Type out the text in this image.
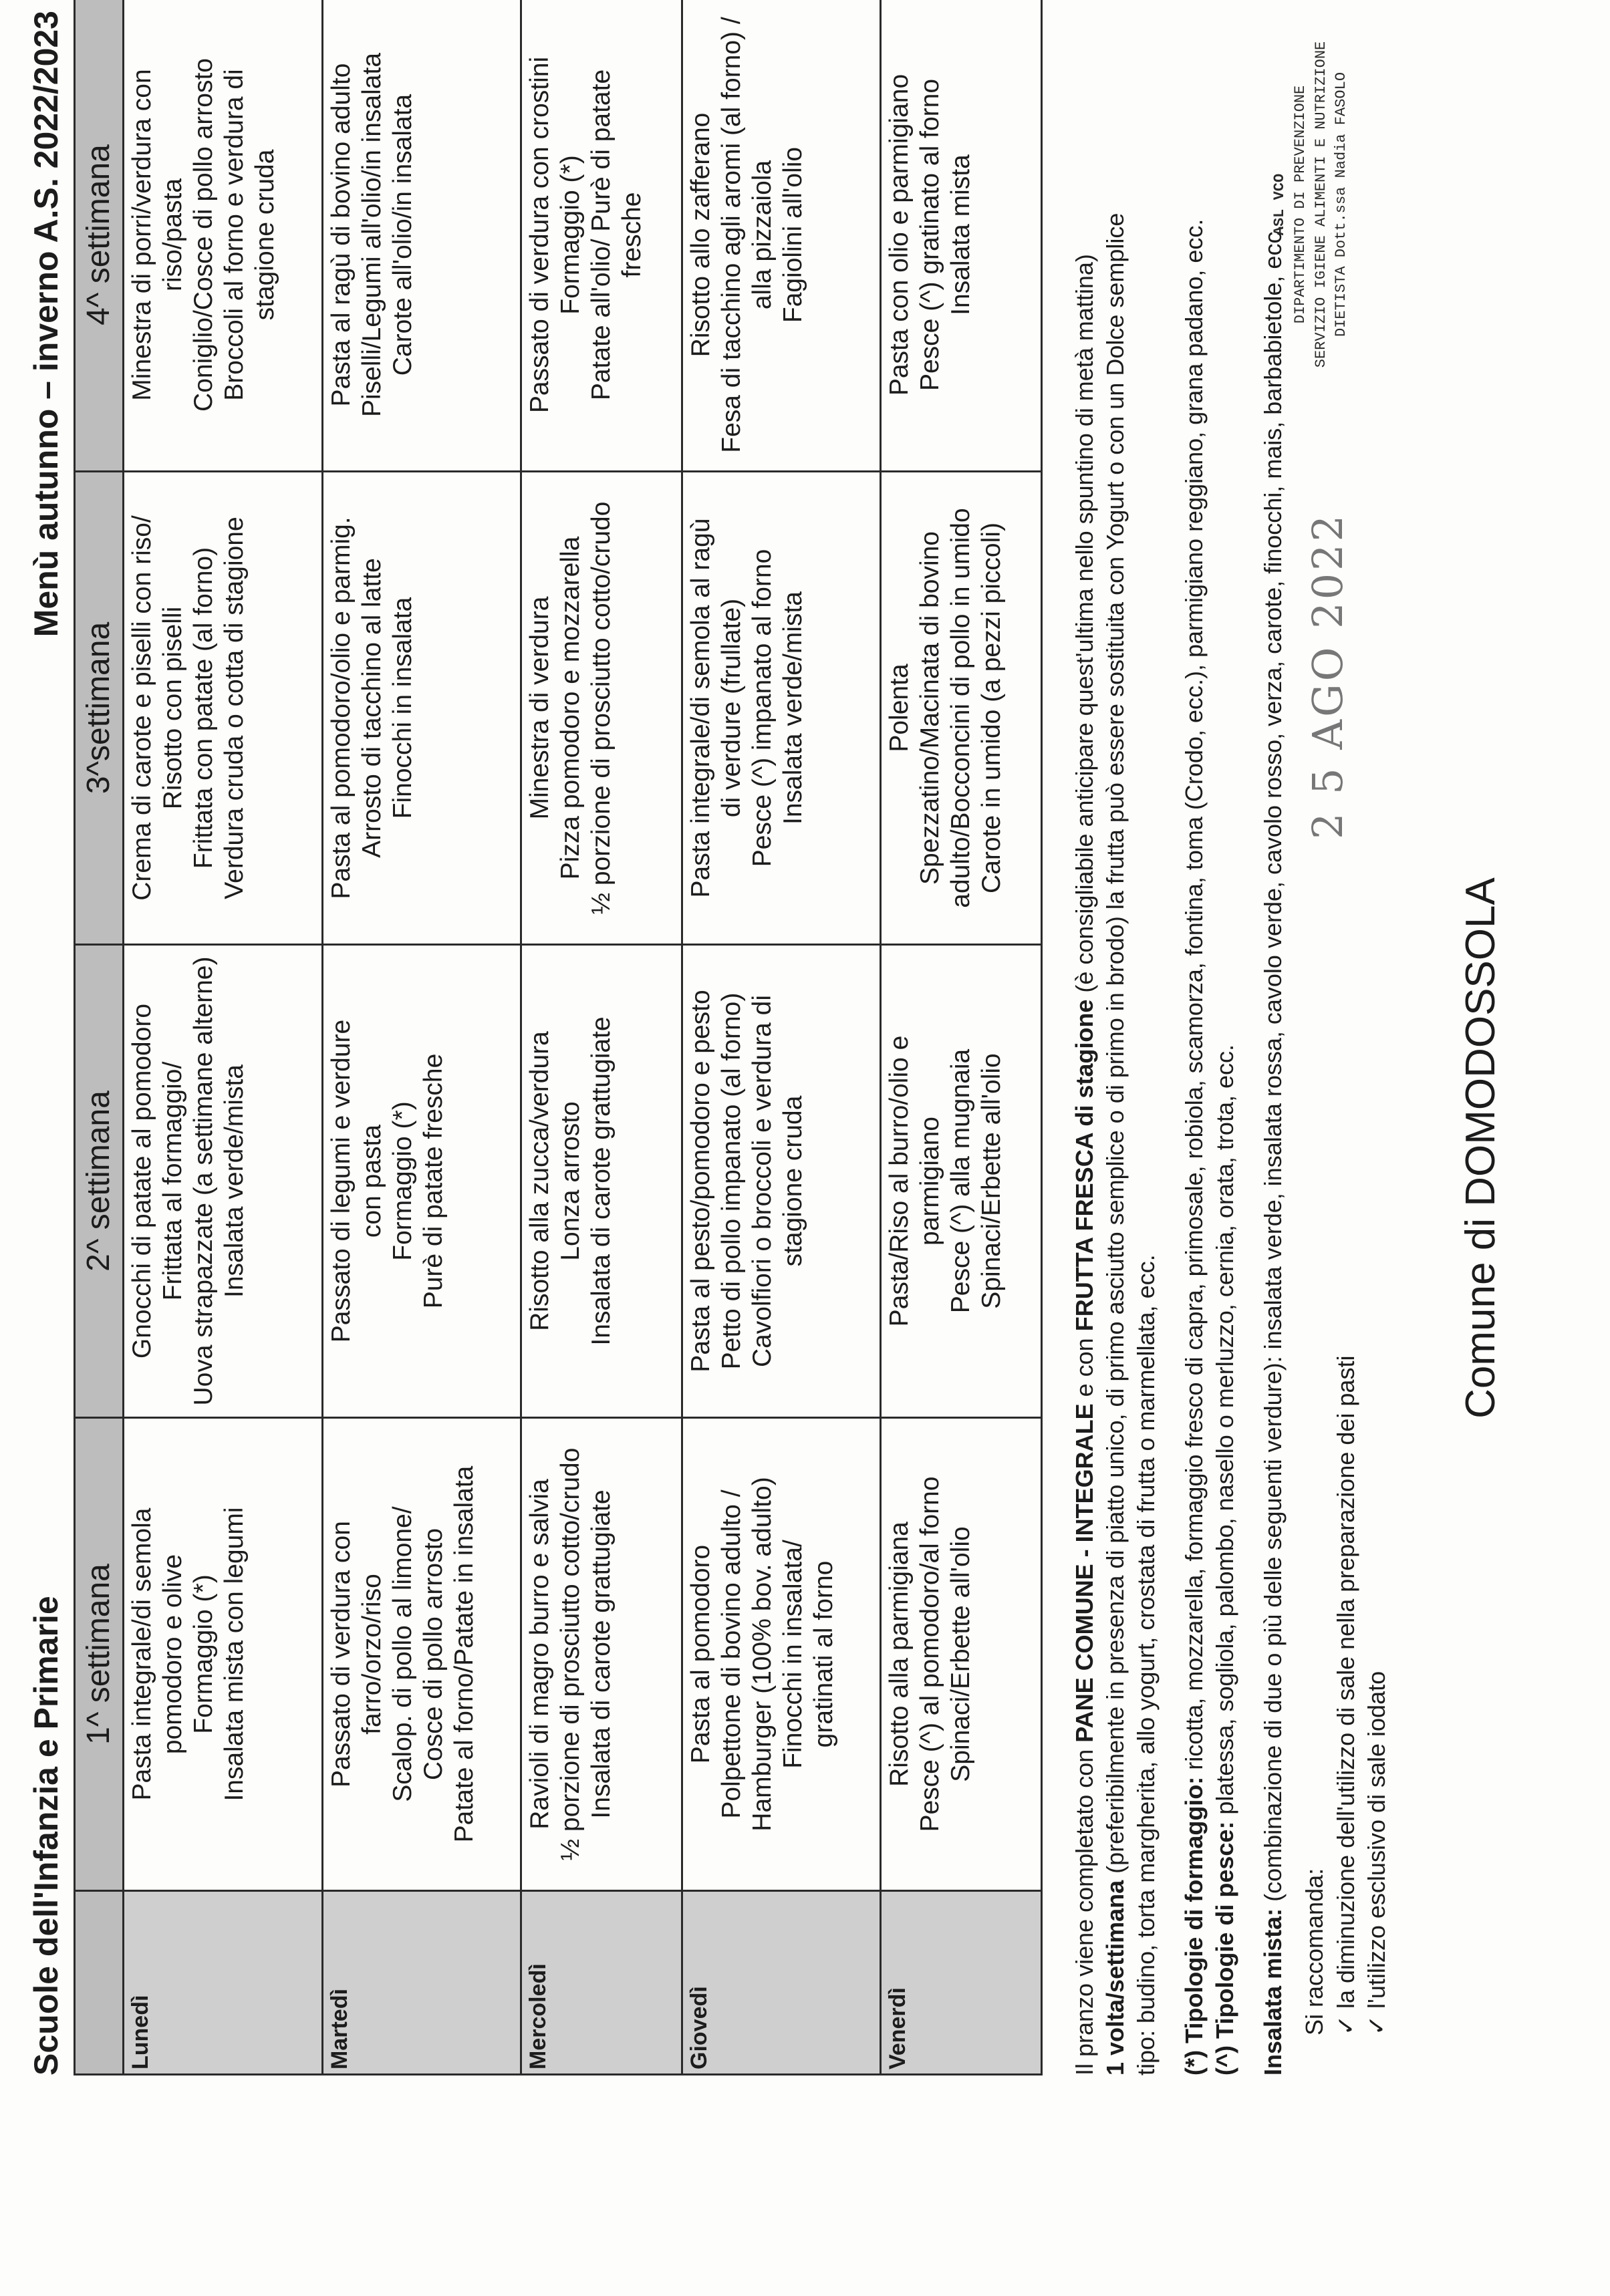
Comune di DOMODOSSOLA
Scuole dell'Infanzia e Primarie
Menù autunno – inverno A.S. 2022/2023
	1^ settimana	2^ settimana	3^settimana	4^ settimana
Lunedì	Pasta integrale/di semola pomodoro e olive Formaggio (*) Insalata mista con legumi	Gnocchi di patate al pomodoro Frittata al formaggio/ Uova strapazzate (a settimane alterne) Insalata verde/mista	Crema di carote e piselli con riso/ Risotto con piselli Frittata con patate (al forno) Verdura cruda o cotta di stagione	Minestra di porri/verdura con riso/pasta Coniglio/Cosce di pollo arrosto Broccoli al forno e verdura di stagione cruda

Martedì	Passato di verdura con farro/orzo/riso Scalop. di pollo al limone/ Cosce di pollo arrosto Patate al forno/Patate in insalata	Passato di legumi e verdure con pasta Formaggio (*) Purè di patate fresche	Pasta al pomodoro/olio e parmig. Arrosto di tacchino al latte Finocchi in insalata	Pasta al ragù di bovino adulto Piselli/Legumi all'olio/in insalata Carote all'olio/in insalata

Mercoledì	Ravioli di magro burro e salvia ½ porzione di prosciutto cotto/crudo Insalata di carote grattugiate	Risotto alla zucca/verdura Lonza arrosto Insalata di carote grattugiate	Minestra di verdura Pizza pomodoro e mozzarella ½ porzione di prosciutto cotto/crudo	Passato di verdura con crostini Formaggio (*) Patate all'olio/ Purè di patate fresche

Giovedì	Pasta al pomodoro Polpettone di bovino adulto / Hamburger (100% bov. adulto) Finocchi in insalata/ gratinati al forno	Pasta al pesto/pomodoro e pesto Petto di pollo impanato (al forno) Cavolfiori o broccoli e verdura di stagione cruda	Pasta integrale/di semola al ragù di verdure (frullate) Pesce (^) impanato al forno Insalata verde/mista	Risotto allo zafferano Fesa di tacchino agli aromi (al forno) / alla pizzaiola Fagiolini all'olio

Venerdì	Risotto alla parmigiana Pesce (^) al pomodoro/al forno Spinaci/Erbette all'olio	Pasta/Riso al burro/olio e parmigiano Pesce (^) alla mugnaia Spinaci/Erbette all'olio	Polenta Spezzatino/Macinata di bovino adulto/Bocconcini di pollo in umido Carote in umido (a pezzi piccoli)	Pasta con olio e parmigiano Pesce (^) gratinato al forno Insalata mista
Il pranzo viene completato con PANE COMUNE - INTEGRALE e con FRUTTA FRESCA di stagione (è consigliabile anticipare quest'ultima nello spuntino di metà mattina)
1 volta/settimana (preferibilmente in presenza di piatto unico, di primo asciutto semplice o di primo in brodo) la frutta può essere sostituita con Yogurt o con un Dolce semplice tipo: budino, torta margherita, allo yogurt, crostata di frutta o marmellata, ecc. (*) Tipologie di formaggio: ricotta, mozzarella, formaggio fresco di capra, primosale, robiola, scamorza, fontina, toma (Crodo, ecc.), parmigiano reggiano, grana padano, ecc.
(^) Tipologie di pesce: platessa, sogliola, palombo, nasello o merluzzo, cernia, orata, trota, ecc.
Insalata mista: (combinazione di due o più delle seguenti verdure): insalata verde, insalata rossa, cavolo verde, cavolo rosso, verza, carote, finocchi, mais, barbabietole, ecc.
Si raccomanda: ✓la diminuzione dell'utilizzo di sale nella preparazione dei pasti
✓l'utilizzo esclusivo di sale iodato
2 5 AGO 2022
ASL VCO DIPARTIMENTO DI PREVENZIONE SERVIZIO IGIENE ALIMENTI E NUTRIZIONE DIETISTA Dott.ssa Nadia FASOLO
